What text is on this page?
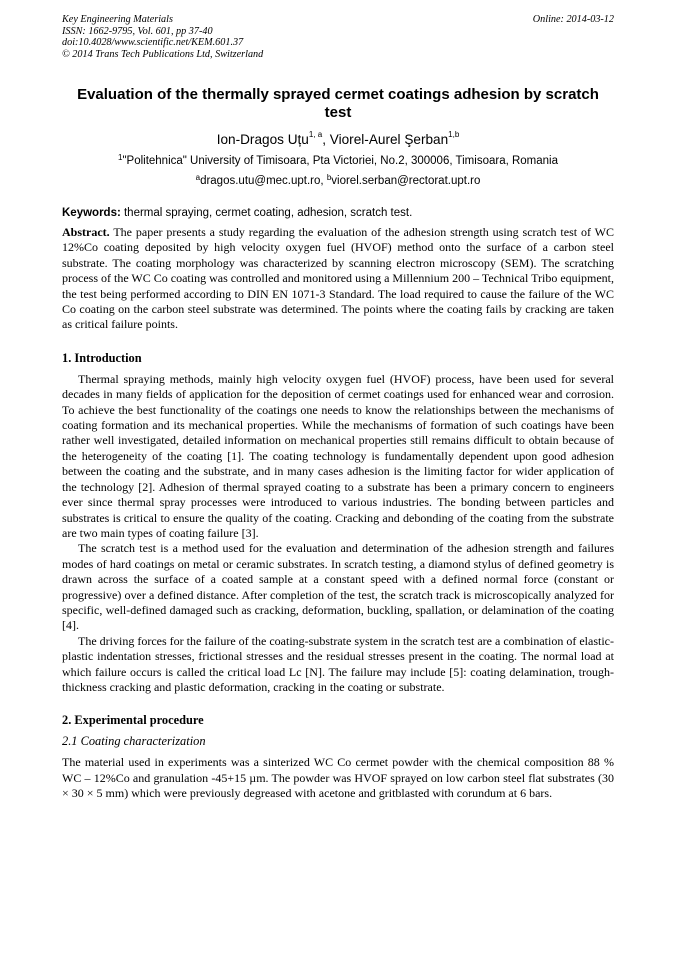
Key Engineering Materials	Online: 2014-03-12
ISSN: 1662-9795, Vol. 601, pp 37-40
doi:10.4028/www.scientific.net/KEM.601.37
© 2014 Trans Tech Publications Ltd, Switzerland
Evaluation of the thermally sprayed cermet coatings adhesion by scratch test
Ion-Dragos Uțu$^{1, a}$, Viorel-Aurel Şerban$^{1,b}$
$^1$"Politehnica" University of Timisoara, Pta Victoriei, No.2, 300006, Timisoara, Romania
$^a$dragos.utu@mec.upt.ro, $^b$viorel.serban@rectorat.upt.ro
Keywords: thermal spraying, cermet coating, adhesion, scratch test.

Abstract. The paper presents a study regarding the evaluation of the adhesion strength using scratch test of WC 12%Co coating deposited by high velocity oxygen fuel (HVOF) method onto the surface of a carbon steel substrate. The coating morphology was characterized by scanning electron microscopy (SEM). The scratching process of the WC Co coating was controlled and monitored using a Millennium 200 – Technical Tribo equipment, the test being performed according to DIN EN 1071-3 Standard. The load required to cause the failure of the WC Co coating on the carbon steel substrate was determined. The points where the coating fails by cracking are taken as critical failure points.

1. Introduction

Thermal spraying methods, mainly high velocity oxygen fuel (HVOF) process, have been used for several decades in many fields of application for the deposition of cermet coatings used for enhanced wear and corrosion. To achieve the best functionality of the coatings one needs to know the relationships between the mechanisms of coating formation and its mechanical properties. While the mechanisms of formation of such coatings have been rather well investigated, detailed information on mechanical properties still remains difficult to obtain because of the heterogeneity of the coating [1]. The coating technology is fundamentally dependent upon good adhesion between the coating and the substrate, and in many cases adhesion is the limiting factor for wider application of the technology [2]. Adhesion of thermal sprayed coating to a substrate has been a primary concern to engineers ever since thermal spray processes were introduced to various industries. The bonding between particles and substrates is critical to ensure the quality of the coating. Cracking and debonding of the coating from the substrate are two main types of coating failure [3].

The scratch test is a method used for the evaluation and determination of the adhesion strength and failures modes of hard coatings on metal or ceramic substrates. In scratch testing, a diamond stylus of defined geometry is drawn across the surface of a coated sample at a constant speed with a defined normal force (constant or progressive) over a defined distance. After completion of the test, the scratch track is microscopically analyzed for specific, well-defined damaged such as cracking, deformation, buckling, spallation, or delamination of the coating [4].

The driving forces for the failure of the coating-substrate system in the scratch test are a combination of elastic-plastic indentation stresses, frictional stresses and the residual stresses present in the coating. The normal load at which failure occurs is called the critical load Lc [N]. The failure may include [5]: coating delamination, trough-thickness cracking and plastic deformation, cracking in the coating or substrate.

2. Experimental procedure
2.1 Coating characterization

The material used in experiments was a sinterized WC Co cermet powder with the chemical composition 88 % WC – 12%Co and granulation -45+15 µm. The powder was HVOF sprayed on low carbon steel flat substrates (30 × 30 × 5 mm) which were previously degreased with acetone and gritblasted with corundum at 6 bars.
